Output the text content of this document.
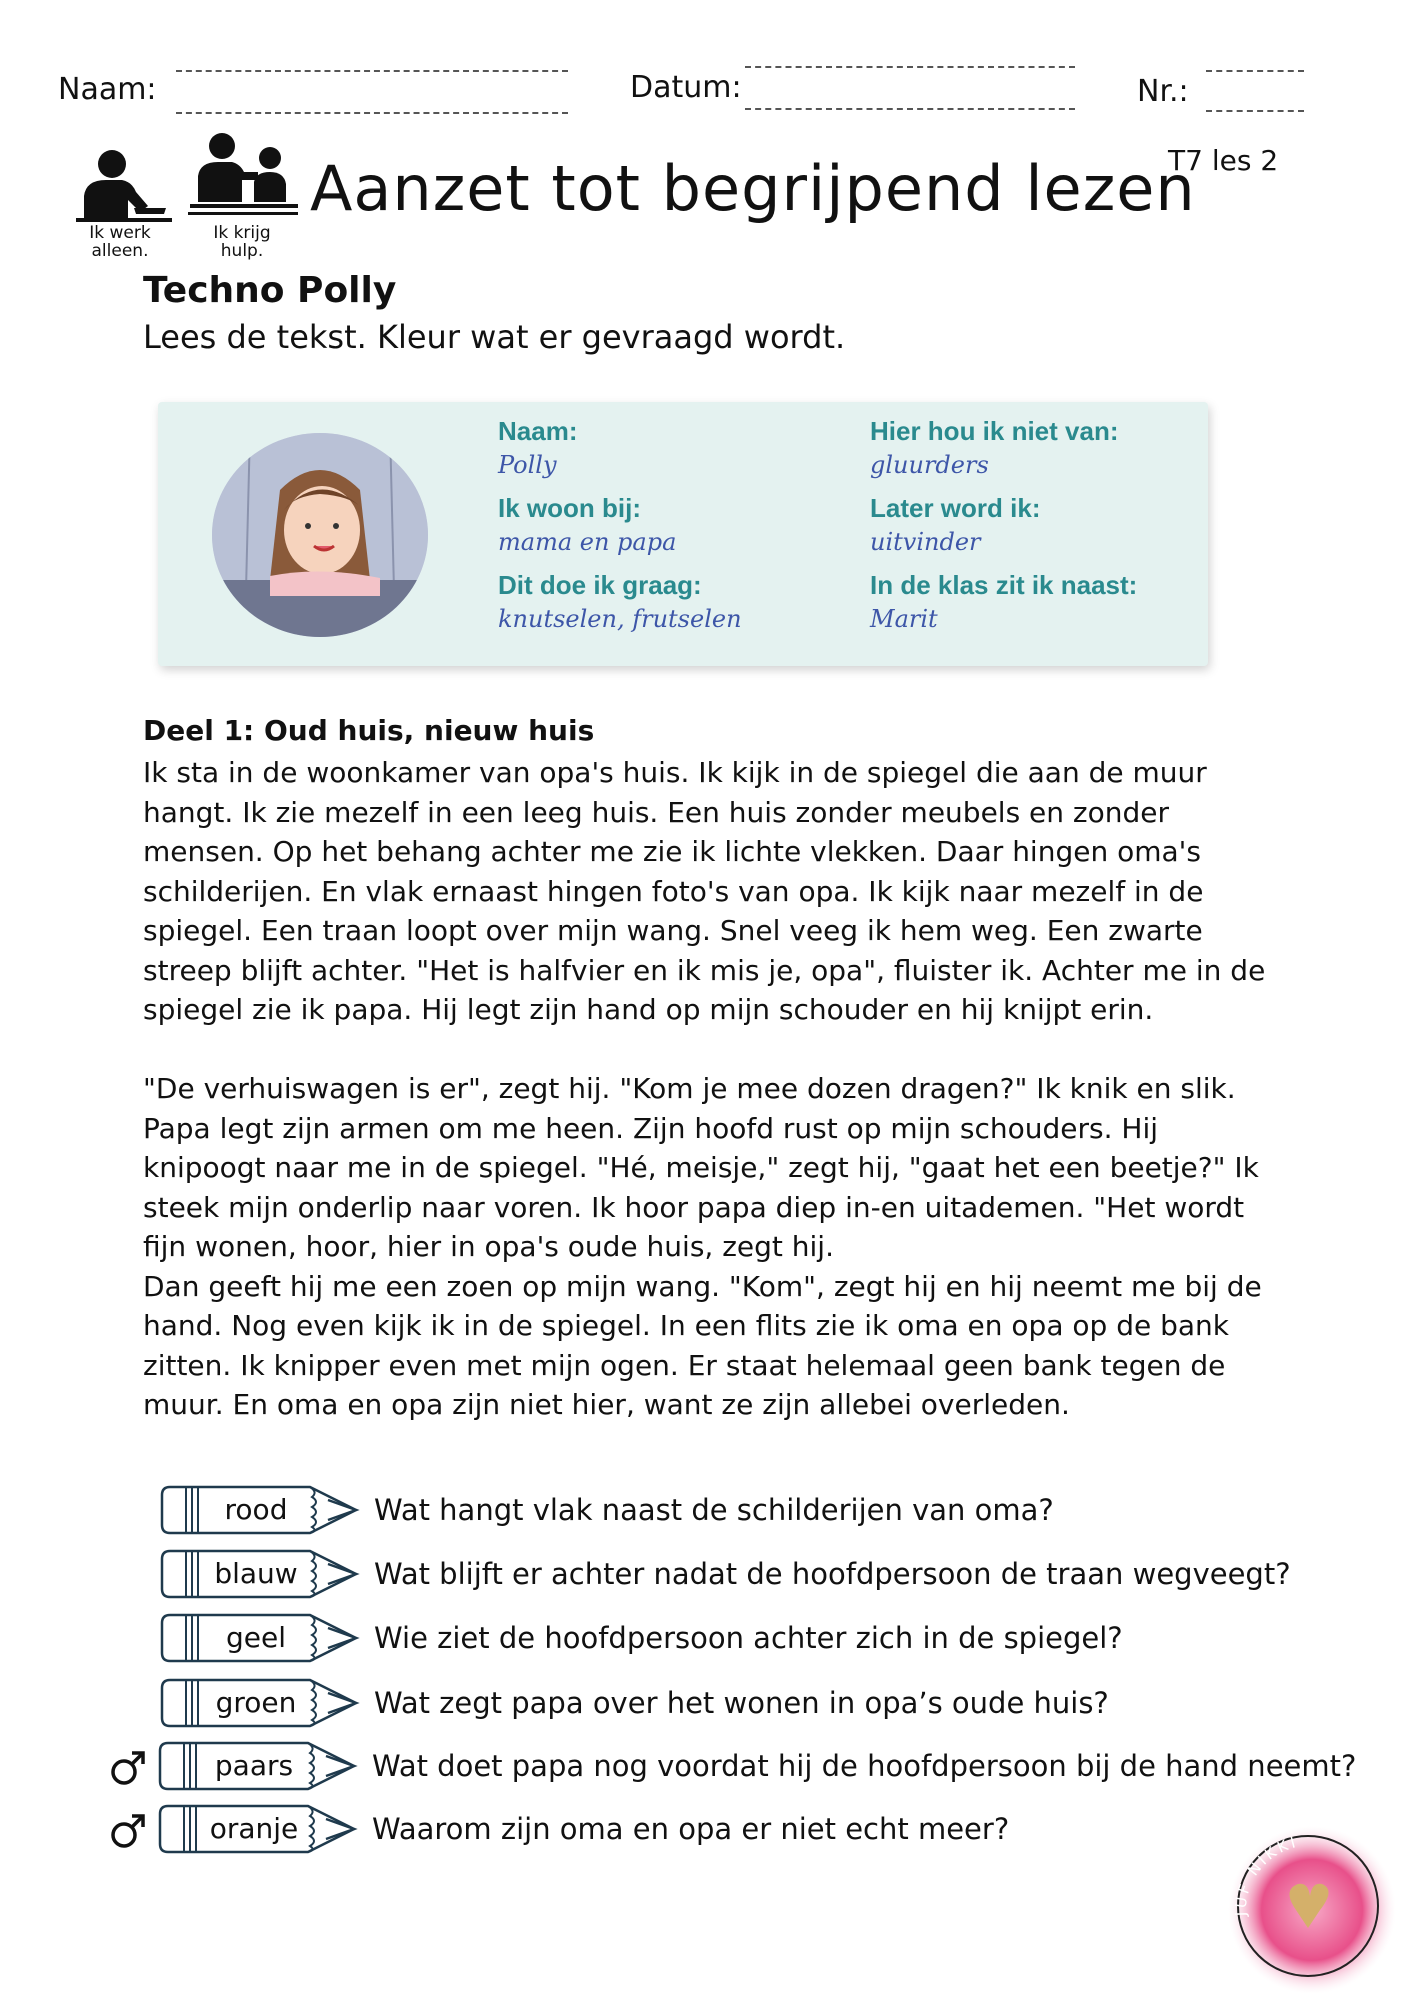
Naam:	Datum:	Nr.:
T7 les 2
Ik werk alleen.
Ik krijg hulp.
Aanzet tot begrijpend lezen
Techno Polly
Lees de tekst. Kleur wat er gevraagd wordt.
Naam:
Polly
Ik woon bij:
mama en papa
Dit doe ik graag:
knutselen, frutselen
Hier hou ik niet van:
gluurders
Later word ik:
uitvinder
In de klas zit ik naast:
Marit
Deel 1: Oud huis, nieuw huis

Ik sta in de woonkamer van opa's huis. Ik kijk in de spiegel die aan de muur hangt. Ik zie mezelf in een leeg huis. Een huis zonder meubels en zonder mensen. Op het behang achter me zie ik lichte vlekken. Daar hingen oma's schilderijen. En vlak ernaast hingen foto's van opa. Ik kijk naar mezelf in de spiegel. Een traan loopt over mijn wang. Snel veeg ik hem weg. Een zwarte streep blijft achter. "Het is halfvier en ik mis je, opa", fluister ik. Achter me in de spiegel zie ik papa. Hij legt zijn hand op mijn schouder en hij knijpt erin.

"De verhuiswagen is er", zegt hij. "Kom je mee dozen dragen?" Ik knik en slik. Papa legt zijn armen om me heen. Zijn hoofd rust op mijn schouders. Hij knipoogt naar me in de spiegel. "Hé, meisje," zegt hij, "gaat het een beetje?" Ik steek mijn onderlip naar voren. Ik hoor papa diep in-en uitademen. "Het wordt fijn wonen, hoor, hier in opa's oude huis, zegt hij.

Dan geeft hij me een zoen op mijn wang. "Kom", zegt hij en hij neemt me bij de hand. Nog even kijk ik in de spiegel. In een flits zie ik oma en opa op de bank zitten. Ik knipper even met mijn ogen. Er staat helemaal geen bank tegen de muur. En oma en opa zijn niet hier, want ze zijn allebei overleden.

rood	Wat hangt vlak naast de schilderijen van oma?
blauw	Wat blijft er achter nadat de hoofdpersoon de traan wegveegt?
geel	Wie ziet de hoofdpersoon achter zich in de spiegel?
groen	Wat zegt papa over het wonen in opa’s oude huis?
paars	Wat doet papa nog voordat hij de hoofdpersoon bij de hand neemt?
oranje	Waarom zijn oma en opa er niet echt meer?
JUF NIKKI
